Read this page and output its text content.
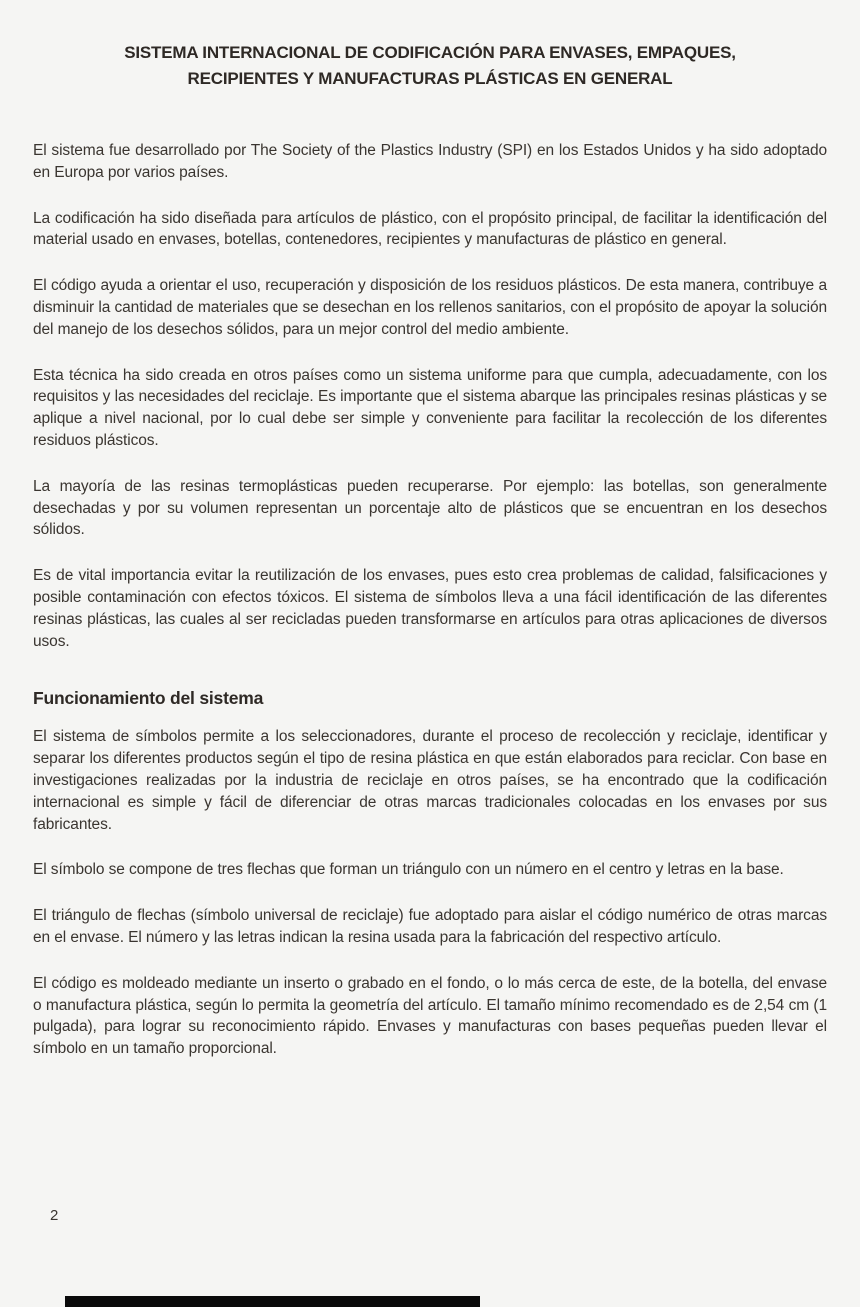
SISTEMA INTERNACIONAL DE CODIFICACIÓN PARA ENVASES, EMPAQUES, RECIPIENTES Y MANUFACTURAS PLÁSTICAS EN GENERAL

El sistema fue desarrollado por The Society of the Plastics Industry (SPI) en los Estados Unidos y ha sido adoptado en Europa por varios países.

La codificación ha sido diseñada para artículos de plástico, con el propósito principal, de facilitar la identificación del material usado en envases, botellas, contenedores, recipientes y manufacturas de plástico en general.

El código ayuda a orientar el uso, recuperación y disposición de los residuos plásticos. De esta manera, contribuye a disminuir la cantidad de materiales que se desechan en los rellenos sanitarios, con el propósito de apoyar la solución del manejo de los desechos sólidos, para un mejor control del medio ambiente.

Esta técnica ha sido creada en otros países como un sistema uniforme para que cumpla, adecuadamente, con los requisitos y las necesidades del reciclaje. Es importante que el sistema abarque las principales resinas plásticas y se aplique a nivel nacional, por lo cual debe ser simple y conveniente para facilitar la recolección de los diferentes residuos plásticos.

La mayoría de las resinas termoplásticas pueden recuperarse. Por ejemplo: las botellas, son generalmente desechadas y por su volumen representan un porcentaje alto de plásticos que se encuentran en los desechos sólidos.

Es de vital importancia evitar la reutilización de los envases, pues esto crea problemas de calidad, falsificaciones y posible contaminación con efectos tóxicos. El sistema de símbolos lleva a una fácil identificación de las diferentes resinas plásticas, las cuales al ser recicladas pueden transformarse en artículos para otras aplicaciones de diversos usos.

Funcionamiento del sistema

El sistema de símbolos permite a los seleccionadores, durante el proceso de recolección y reciclaje, identificar y separar los diferentes productos según el tipo de resina plástica en que están elaborados para reciclar. Con base en investigaciones realizadas por la industria de reciclaje en otros países, se ha encontrado que la codificación internacional es simple y fácil de diferenciar de otras marcas tradicionales colocadas en los envases por sus fabricantes.

El símbolo se compone de tres flechas que forman un triángulo con un número en el centro y letras en la base.

El triángulo de flechas (símbolo universal de reciclaje) fue adoptado para aislar el código numérico de otras marcas en el envase. El número y las letras indican la resina usada para la fabricación del respectivo artículo.

El código es moldeado mediante un inserto o grabado en el fondo, o lo más cerca de este, de la botella, del envase o manufactura plástica, según lo permita la geometría del artículo. El tamaño mínimo recomendado es de 2,54 cm (1 pulgada), para lograr su reconocimiento rápido. Envases y manufacturas con bases pequeñas pueden llevar el símbolo en un tamaño proporcional.

2
